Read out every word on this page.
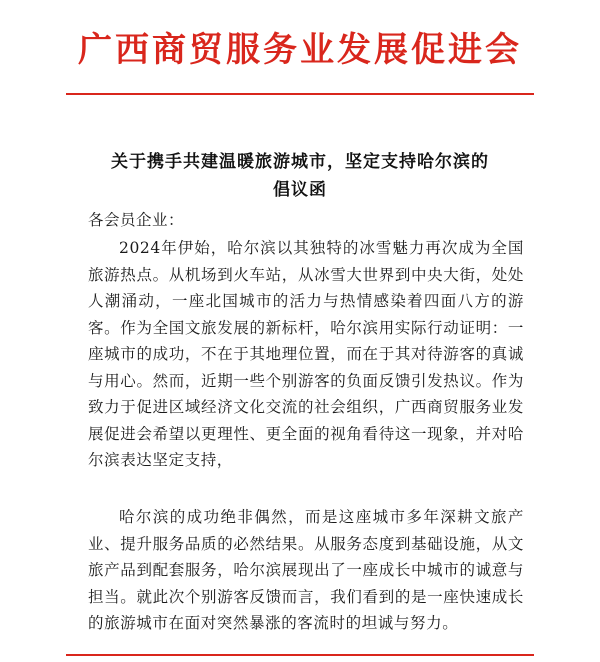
广西商贸服务业发展促进会
关于携手共建温暖旅游城市，坚定支持哈尔滨的
倡议函
各会员企业：

2024年伊始，哈尔滨以其独特的冰雪魅力再次成为全国旅游热点。从机场到火车站，从冰雪大世界到中央大街，处处人潮涌动，一座北国城市的活力与热情感染着四面八方的游客。作为全国文旅发展的新标杆，哈尔滨用实际行动证明：一座城市的成功，不在于其地理位置，而在于其对待游客的真诚与用心。然而，近期一些个别游客的负面反馈引发热议。作为致力于促进区域经济文化交流的社会组织，广西商贸服务业发展促进会希望以更理性、更全面的视角看待这一现象，并对哈尔滨表达坚定支持，

哈尔滨的成功绝非偶然，而是这座城市多年深耕文旅产业、提升服务品质的必然结果。从服务态度到基础设施，从文旅产品到配套服务，哈尔滨展现出了一座成长中城市的诚意与担当。就此次个别游客反馈而言，我们看到的是一座快速成长的旅游城市在面对突然暴涨的客流时的坦诚与努力。
